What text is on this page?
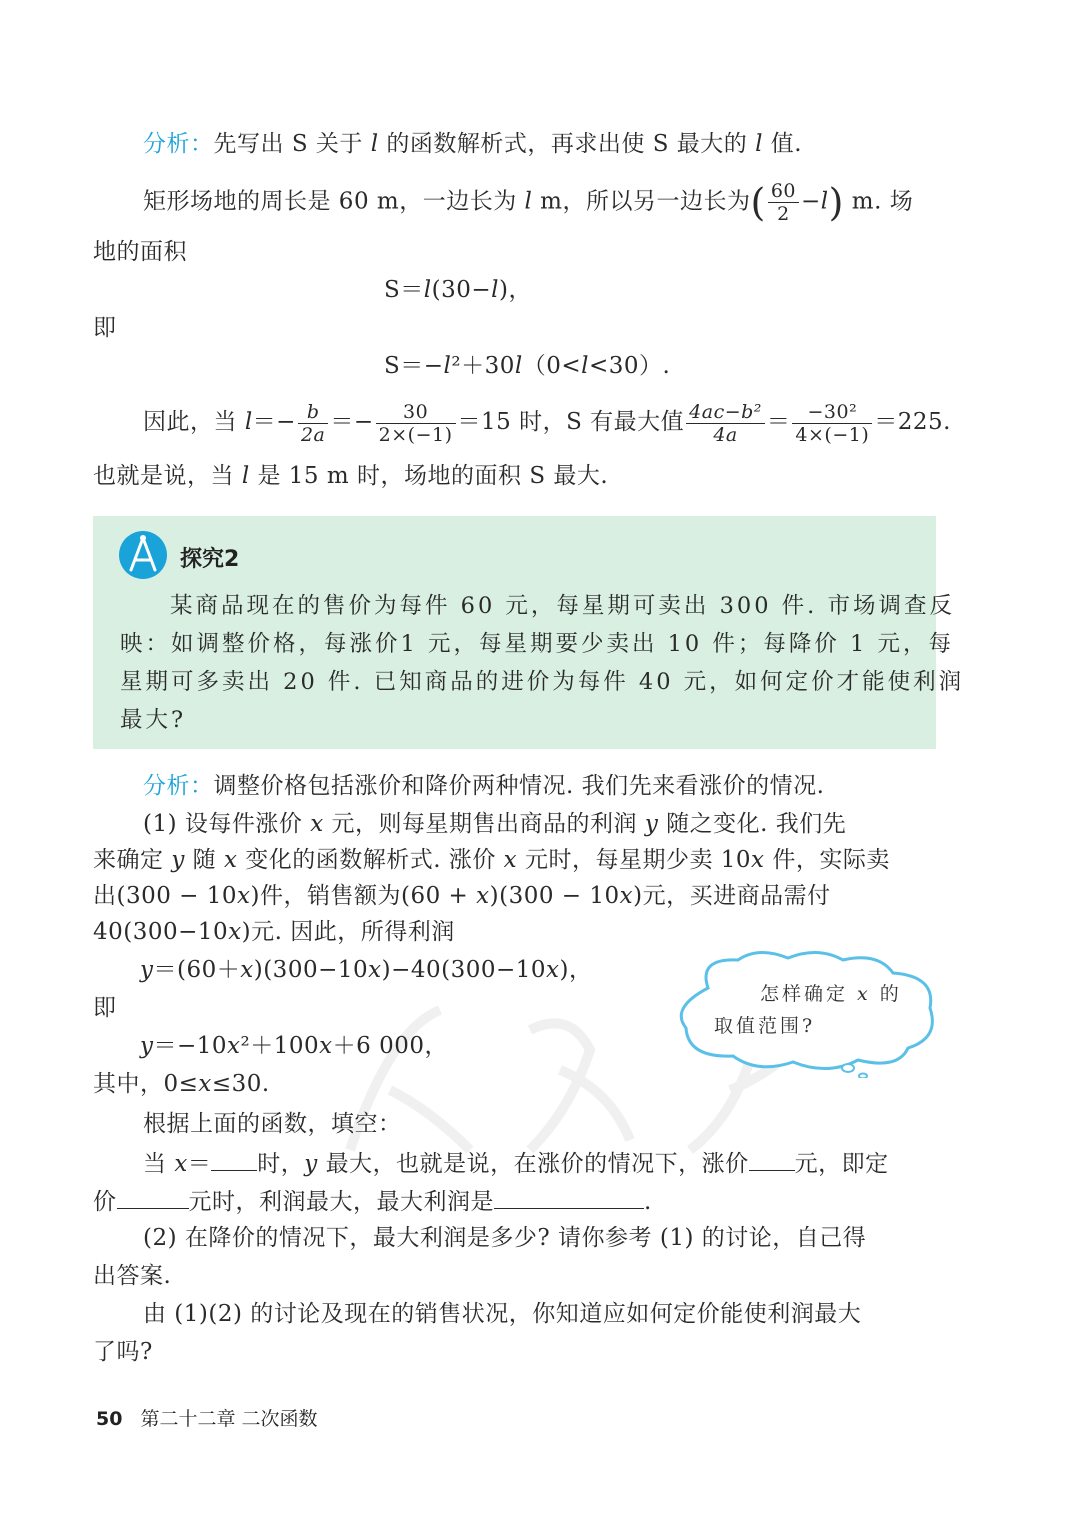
分析：先写出 S 关于 l 的函数解析式，再求出使 S 最大的 l 值.
矩形场地的周长是 60 m，一边长为 l m，所以另一边长为( $\frac{60}{2} -l$) m. 场
地的面积
S＝l(30−l)，
即
S＝−l²＋30l（0<l<30）.
因此，当 $l=- \frac{b}{2a} =- \frac{30}{2\times(-1)} =15$ 时，S 有最大值 $\frac{\text{4ac−b²}}{4a} = \frac{\text{−30²}}{4\times(-1)} =225$.
也就是说，当 l 是 15 m 时，场地的面积 S 最大.
探究2
某商品现在的售价为每件 60 元，每星期可卖出 300 件. 市场调查反
映：如调整价格，每涨价1 元，每星期要少卖出 10 件；每降价 1 元，每
星期可多卖出 20 件. 已知商品的进价为每件 40 元，如何定价才能使利润
最大?
分析：调整价格包括涨价和降价两种情况. 我们先来看涨价的情况.
(1) 设每件涨价 x 元，则每星期售出商品的利润 y 随之变化. 我们先
来确定 y 随 x 变化的函数解析式. 涨价 x 元时，每星期少卖 10x 件，实际卖
出(300 − 10x)件，销售额为(60 + x)(300 − 10x)元，买进商品需付
40(300−10x)元. 因此，所得利润
y＝(60＋x)(300−10x)−40(300−10x)，
即
y＝−10x²＋100x＋6 000，
其中，0≤x≤30.
怎样确定 x 的
取值范围?
根据上面的函数，填空：
当 x＝ 时，y 最大，也就是说，在涨价的情况下，涨价 元，即定
价	元时，利润最大，最大利润是	.
(2) 在降价的情况下，最大利润是多少? 请你参考 (1) 的讨论，自己得
出答案.
由 (1)(2) 的讨论及现在的销售状况，你知道应如何定价能使利润最大
了吗?
50 第二十二章 二次函数
